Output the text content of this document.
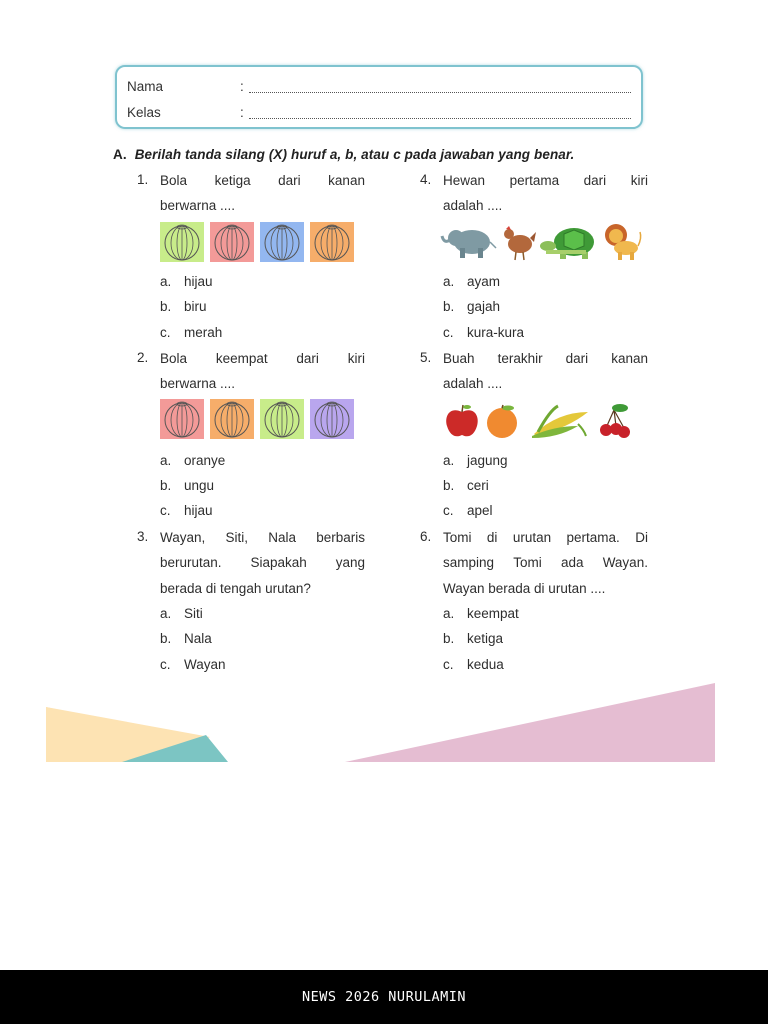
Nama	:
Kelas	:
A. Berilah tanda silang (X) huruf a, b, atau c pada jawaban yang benar.
1. Bola ketiga dari kanan
berwarna ....
a. hijau
b. biru
c. merah
2. Bola keempat dari kiri
berwarna ....
a. oranye
b. ungu
c. hijau
3. Wayan, Siti, Nala berbaris
berurutan. Siapakah yang
berada di tengah urutan?
a. Siti
b. Nala
c. Wayan
4. Hewan pertama dari kiri
adalah ....
a. ayam
b. gajah
c. kura-kura
5. Buah terakhir dari kanan
adalah ....
a. jagung
b. ceri
c. apel
6. Tomi di urutan pertama. Di
samping Tomi ada Wayan.
Wayan berada di urutan ....
a. keempat
b. ketiga
c. kedua
NEWS 2026 NURULAMIN
